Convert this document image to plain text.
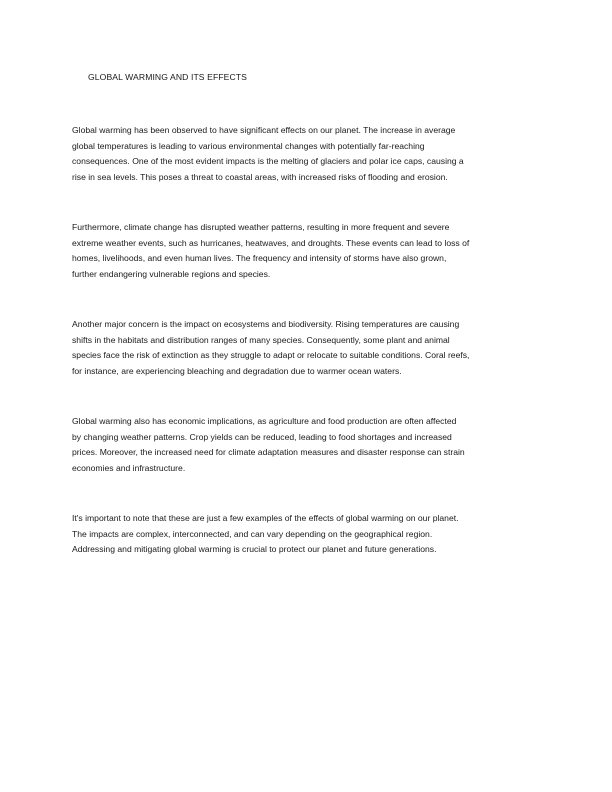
GLOBAL WARMING AND ITS EFFECTS

Global warming has been observed to have significant effects on our planet. The increase in average
global temperatures is leading to various environmental changes with potentially far-reaching
consequences. One of the most evident impacts is the melting of glaciers and polar ice caps, causing a
rise in sea levels. This poses a threat to coastal areas, with increased risks of flooding and erosion.

Furthermore, climate change has disrupted weather patterns, resulting in more frequent and severe
extreme weather events, such as hurricanes, heatwaves, and droughts. These events can lead to loss of
homes, livelihoods, and even human lives. The frequency and intensity of storms have also grown,
further endangering vulnerable regions and species.

Another major concern is the impact on ecosystems and biodiversity. Rising temperatures are causing
shifts in the habitats and distribution ranges of many species. Consequently, some plant and animal
species face the risk of extinction as they struggle to adapt or relocate to suitable conditions. Coral reefs,
for instance, are experiencing bleaching and degradation due to warmer ocean waters.

Global warming also has economic implications, as agriculture and food production are often affected
by changing weather patterns. Crop yields can be reduced, leading to food shortages and increased
prices. Moreover, the increased need for climate adaptation measures and disaster response can strain
economies and infrastructure.

It's important to note that these are just a few examples of the effects of global warming on our planet.
The impacts are complex, interconnected, and can vary depending on the geographical region.
Addressing and mitigating global warming is crucial to protect our planet and future generations.
